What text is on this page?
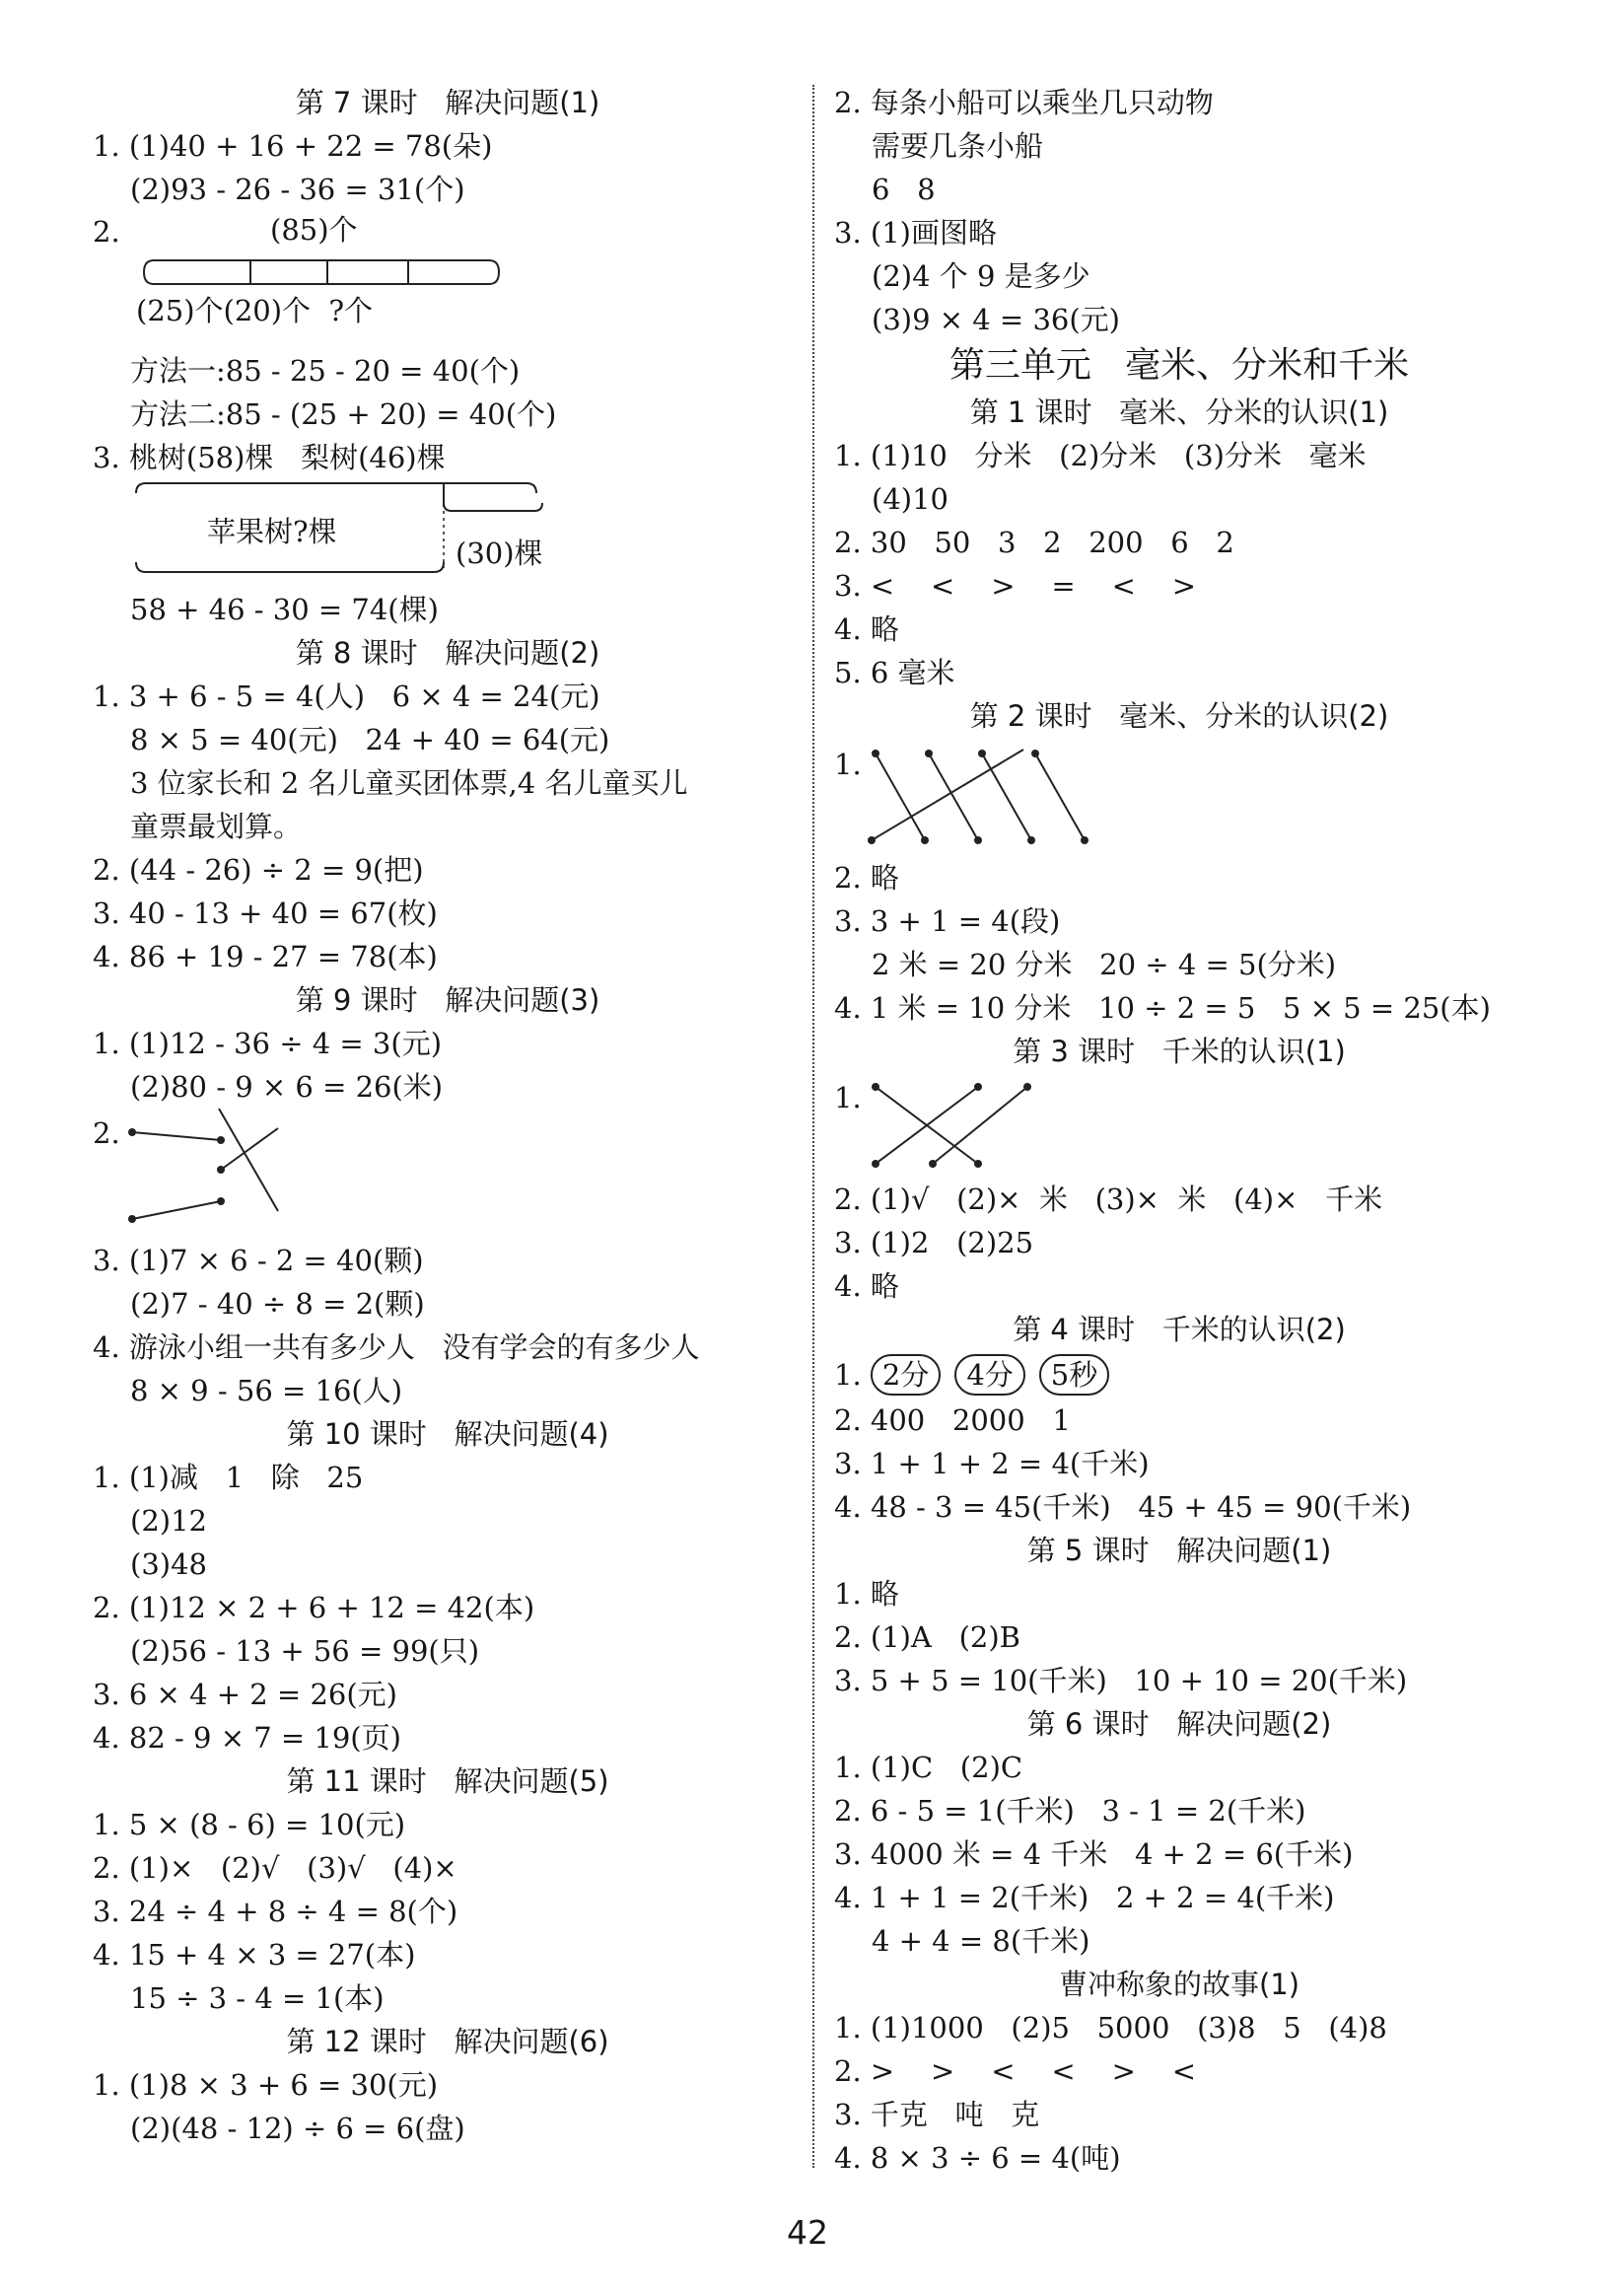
第 7 课时   解决问题(1)
1. (1)40 + 16 + 22 = 78(朵)
(2)93 - 26 - 36 = 31(个)
2.	(85)个
(25)个(20)个  ?个
方法一:85 - 25 - 20 = 40(个)
方法二:85 - (25 + 20) = 40(个)
3. 桃树(58)棵   梨树(46)棵
苹果树?棵
(30)棵
58 + 46 - 30 = 74(棵)
第 8 课时   解决问题(2)
1. 3 + 6 - 5 = 4(人)   6 × 4 = 24(元)
8 × 5 = 40(元)   24 + 40 = 64(元)
3 位家长和 2 名儿童买团体票,4 名儿童买儿
童票最划算。
2. (44 - 26) ÷ 2 = 9(把)
3. 40 - 13 + 40 = 67(枚)
4. 86 + 19 - 27 = 78(本)
第 9 课时   解决问题(3)
1. (1)12 - 36 ÷ 4 = 3(元)
(2)80 - 9 × 6 = 26(米)
2.
3. (1)7 × 6 - 2 = 40(颗)
(2)7 - 40 ÷ 8 = 2(颗)
4. 游泳小组一共有多少人   没有学会的有多少人
8 × 9 - 56 = 16(人)
第 10 课时   解决问题(4)
1. (1)减   1   除   25
(2)12
(3)48
2. (1)12 × 2 + 6 + 12 = 42(本)
(2)56 - 13 + 56 = 99(只)
3. 6 × 4 + 2 = 26(元)
4. 82 - 9 × 7 = 19(页)
第 11 课时   解决问题(5)
1. 5 × (8 - 6) = 10(元)
2. (1)×   (2)√   (3)√   (4)×
3. 24 ÷ 4 + 8 ÷ 4 = 8(个)
4. 15 + 4 × 3 = 27(本)
15 ÷ 3 - 4 = 1(本)
第 12 课时   解决问题(6)
1. (1)8 × 3 + 6 = 30(元)
(2)(48 - 12) ÷ 6 = 6(盘)
2. 每条小船可以乘坐几只动物
需要几条小船
6   8
3. (1)画图略
(2)4 个 9 是多少
(3)9 × 4 = 36(元)
第三单元   毫米、分米和千米
第 1 课时   毫米、分米的认识(1)
1. (1)10   分米   (2)分米   (3)分米   毫米
(4)10
2. 30   50   3   2   200   6   2
3. <    <    >    =    <    >
4. 略
5. 6 毫米
第 2 课时   毫米、分米的认识(2)
1.
2. 略
3. 3 + 1 = 4(段)
2 米 = 20 分米   20 ÷ 4 = 5(分米)
4. 1 米 = 10 分米   10 ÷ 2 = 5   5 × 5 = 25(本)
第 3 课时   千米的认识(1)
1.
2. (1)√   (2)×  米   (3)×  米   (4)×   千米
3. (1)2   (2)25
4. 略
第 4 课时   千米的认识(2)
1. 2分 4分 5秒
2. 400   2000   1
3. 1 + 1 + 2 = 4(千米)
4. 48 - 3 = 45(千米)   45 + 45 = 90(千米)
第 5 课时   解决问题(1)
1. 略
2. (1)A   (2)B
3. 5 + 5 = 10(千米)   10 + 10 = 20(千米)
第 6 课时   解决问题(2)
1. (1)C   (2)C
2. 6 - 5 = 1(千米)   3 - 1 = 2(千米)
3. 4000 米 = 4 千米   4 + 2 = 6(千米)
4. 1 + 1 = 2(千米)   2 + 2 = 4(千米)
4 + 4 = 8(千米)
曹冲称象的故事(1)
1. (1)1000   (2)5   5000   (3)8   5   (4)8
2. >    >    <    <    >    <
3. 千克   吨   克
4. 8 × 3 ÷ 6 = 4(吨)
42
